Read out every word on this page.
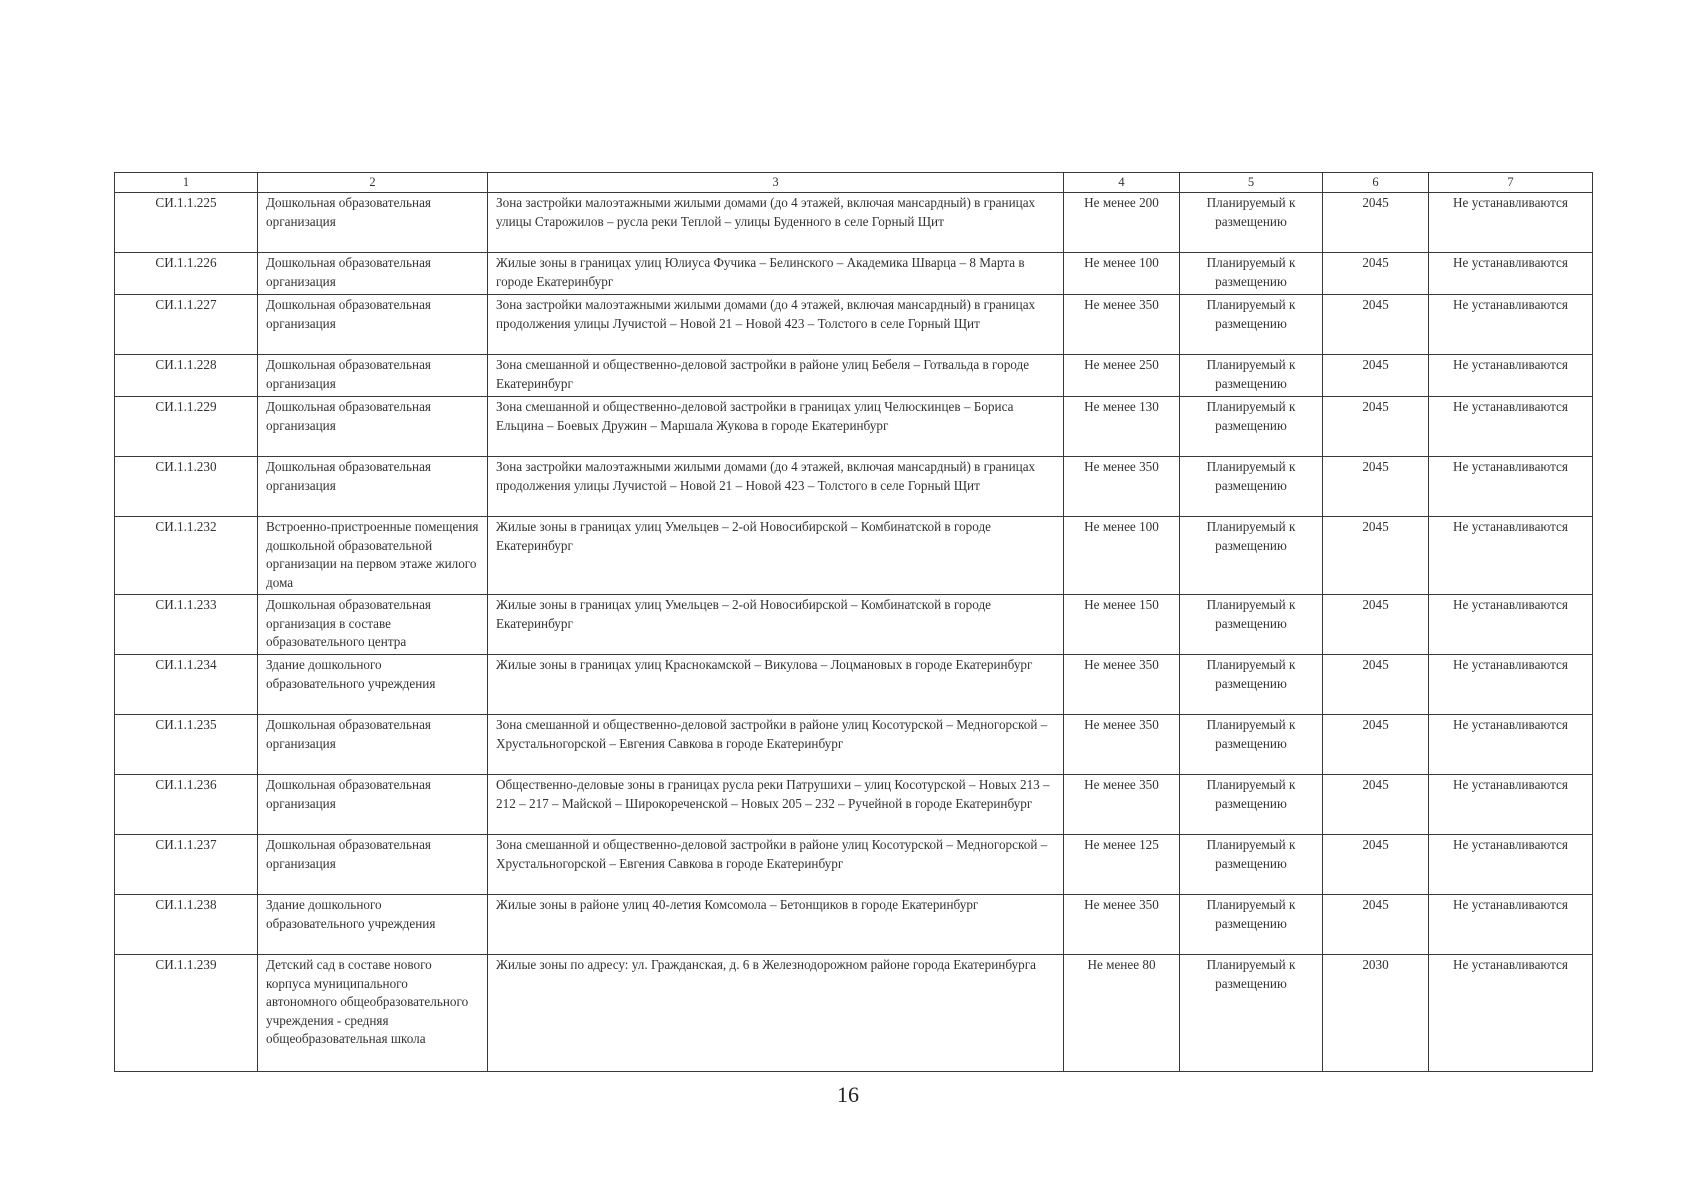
1	2	3	4	5	6	7
СИ.1.1.225	Дошкольная образовательная организация	Зона застройки малоэтажными жилыми домами (до 4 этажей, включая мансардный) в границах улицы Старожилов – русла реки Теплой – улицы Буденного в селе Горный Щит	Не менее 200	Планируемый к размещению	2045	Не устанавливаются
СИ.1.1.226	Дошкольная образовательная организация	Жилые зоны в границах улиц Юлиуса Фучика – Белинского – Академика Шварца – 8 Марта в городе Екатеринбург	Не менее 100	Планируемый к размещению	2045	Не устанавливаются
СИ.1.1.227	Дошкольная образовательная организация	Зона застройки малоэтажными жилыми домами (до 4 этажей, включая мансардный) в границах продолжения улицы Лучистой – Новой 21 – Новой 423 – Толстого в селе Горный Щит	Не менее 350	Планируемый к размещению	2045	Не устанавливаются
СИ.1.1.228	Дошкольная образовательная организация	Зона смешанной и общественно-деловой застройки в районе улиц Бебеля – Готвальда в городе Екатеринбург	Не менее 250	Планируемый к размещению	2045	Не устанавливаются
СИ.1.1.229	Дошкольная образовательная организация	Зона смешанной и общественно-деловой застройки в границах улиц Челюскинцев – Бориса Ельцина – Боевых Дружин – Маршала Жукова в городе Екатеринбург	Не менее 130	Планируемый к размещению	2045	Не устанавливаются
СИ.1.1.230	Дошкольная образовательная организация	Зона застройки малоэтажными жилыми домами (до 4 этажей, включая мансардный) в границах продолжения улицы Лучистой – Новой 21 – Новой 423 – Толстого в селе Горный Щит	Не менее 350	Планируемый к размещению	2045	Не устанавливаются
СИ.1.1.232	Встроенно-пристроенные помещения дошкольной образовательной организации на первом этаже жилого дома	Жилые зоны в границах улиц Умельцев – 2-ой Новосибирской – Комбинатской в городе Екатеринбург	Не менее 100	Планируемый к размещению	2045	Не устанавливаются
СИ.1.1.233	Дошкольная образовательная организация в составе образовательного центра	Жилые зоны в границах улиц Умельцев – 2-ой Новосибирской – Комбинатской в городе Екатеринбург	Не менее 150	Планируемый к размещению	2045	Не устанавливаются
СИ.1.1.234	Здание дошкольного образовательного учреждения	Жилые зоны в границах улиц Краснокамской – Викулова – Лоцмановых в городе Екатеринбург	Не менее 350	Планируемый к размещению	2045	Не устанавливаются
СИ.1.1.235	Дошкольная образовательная организация	Зона смешанной и общественно-деловой застройки в районе улиц Косотурской – Медногорской – Хрустальногорской – Евгения Савкова в городе Екатеринбург	Не менее 350	Планируемый к размещению	2045	Не устанавливаются
СИ.1.1.236	Дошкольная образовательная организация	Общественно-деловые зоны в границах русла реки Патрушихи – улиц Косотурской – Новых 213 – 212 – 217 – Майской – Широкореченской – Новых 205 – 232 – Ручейной в городе Екатеринбург	Не менее 350	Планируемый к размещению	2045	Не устанавливаются
СИ.1.1.237	Дошкольная образовательная организация	Зона смешанной и общественно-деловой застройки в районе улиц Косотурской – Медногорской – Хрустальногорской – Евгения Савкова в городе Екатеринбург	Не менее 125	Планируемый к размещению	2045	Не устанавливаются
СИ.1.1.238	Здание дошкольного образовательного учреждения	Жилые зоны в районе улиц 40-летия Комсомола – Бетонщиков в городе Екатеринбург	Не менее 350	Планируемый к размещению	2045	Не устанавливаются
СИ.1.1.239	Детский сад в составе нового корпуса муниципального автономного общеобразовательного учреждения - средняя общеобразовательная школа	Жилые зоны по адресу: ул. Гражданская, д. 6 в Железнодорожном районе города Екатеринбурга	Не менее 80	Планируемый к размещению	2030	Не устанавливаются
16
